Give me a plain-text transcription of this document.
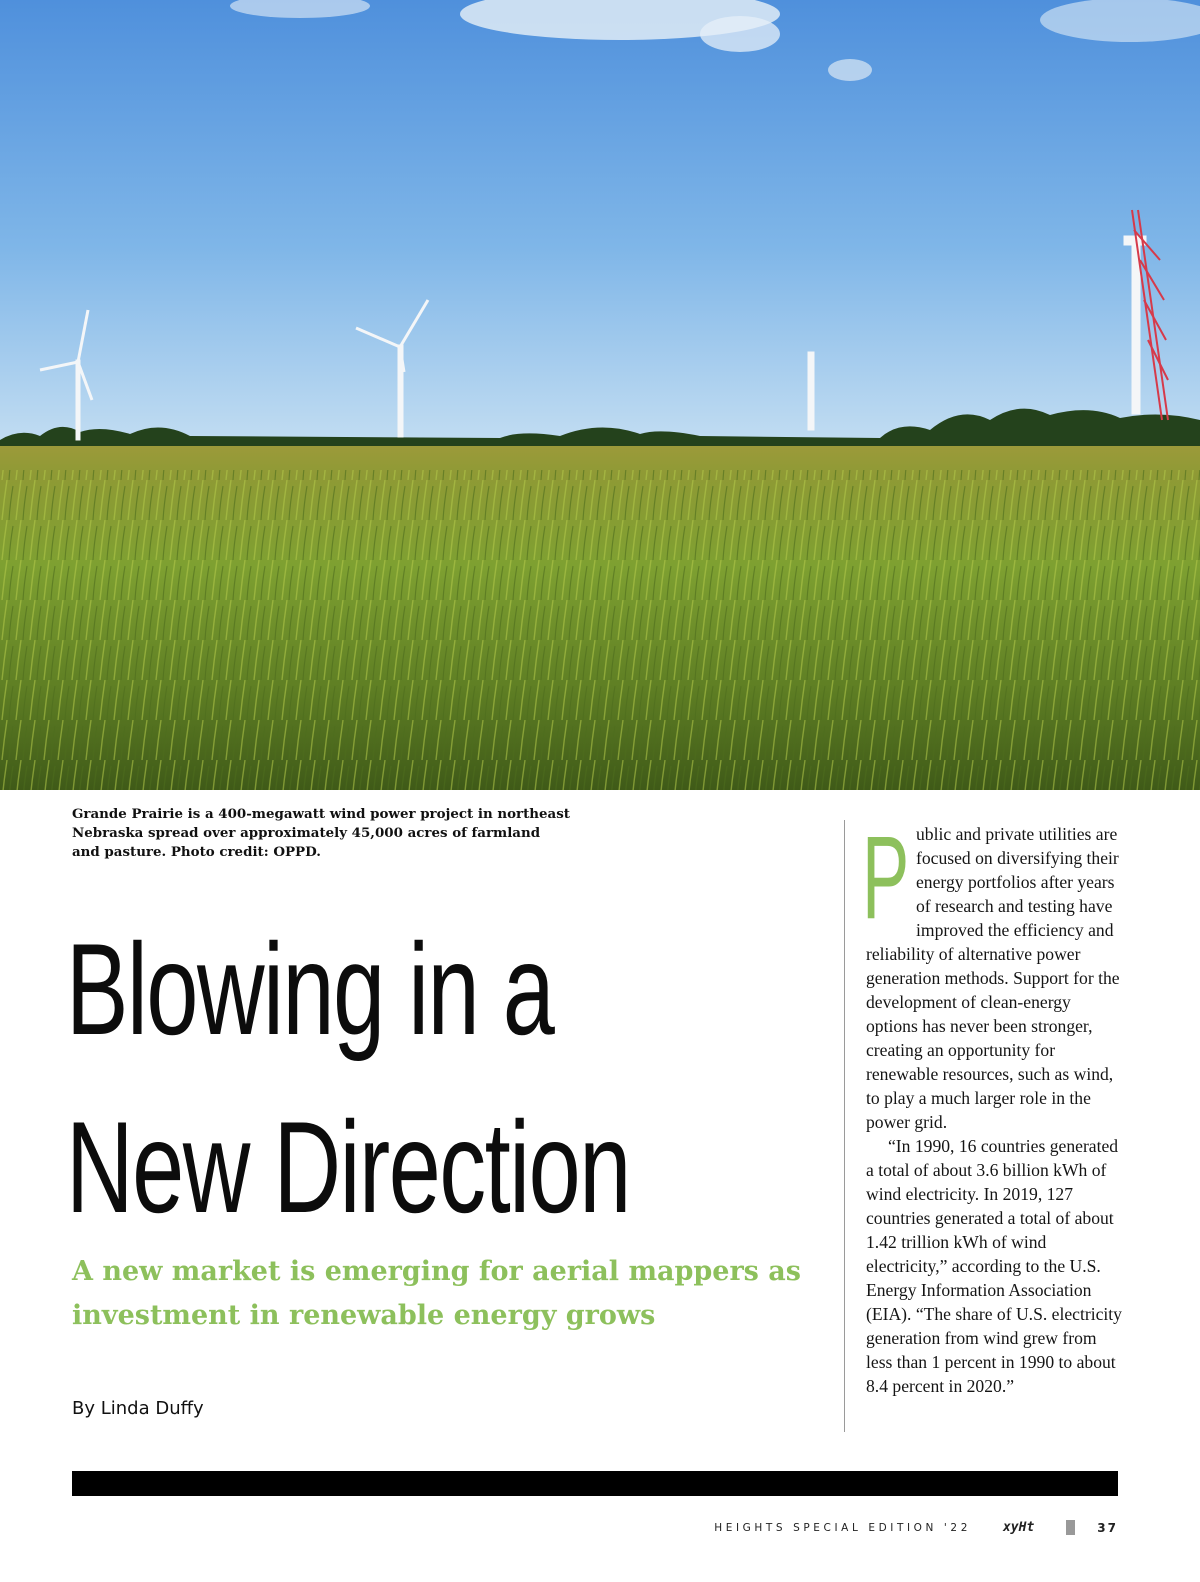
Grande Prairie is a 400-megawatt wind power project in northeast Nebraska spread over approximately 45,000 acres of farmland and pasture. Photo credit: OPPD.
Blowing in a
New Direction
A new market is emerging for aerial mappers as investment in renewable energy grows
By Linda Duffy

Public and private utilities are focused on diversifying their energy portfolios after years of research and testing have improved the efficiency and reliability of alternative power generation methods. Support for the development of clean-energy options has never been stronger, creating an opportunity for renewable resources, such as wind, to play a much larger role in the power grid.

“In 1990, 16 countries generated a total of about 3.6 billion kWh of wind electricity. In 2019, 127 countries generated a total of about 1.42 trillion kWh of wind electricity,” according to the U.S. Energy Information Association (EIA). “The share of U.S. electricity generation from wind grew from less than 1 percent in 1990 to about 8.4 percent in 2020.”

HEIGHTS SPECIAL EDITION '22 xyHt	37
